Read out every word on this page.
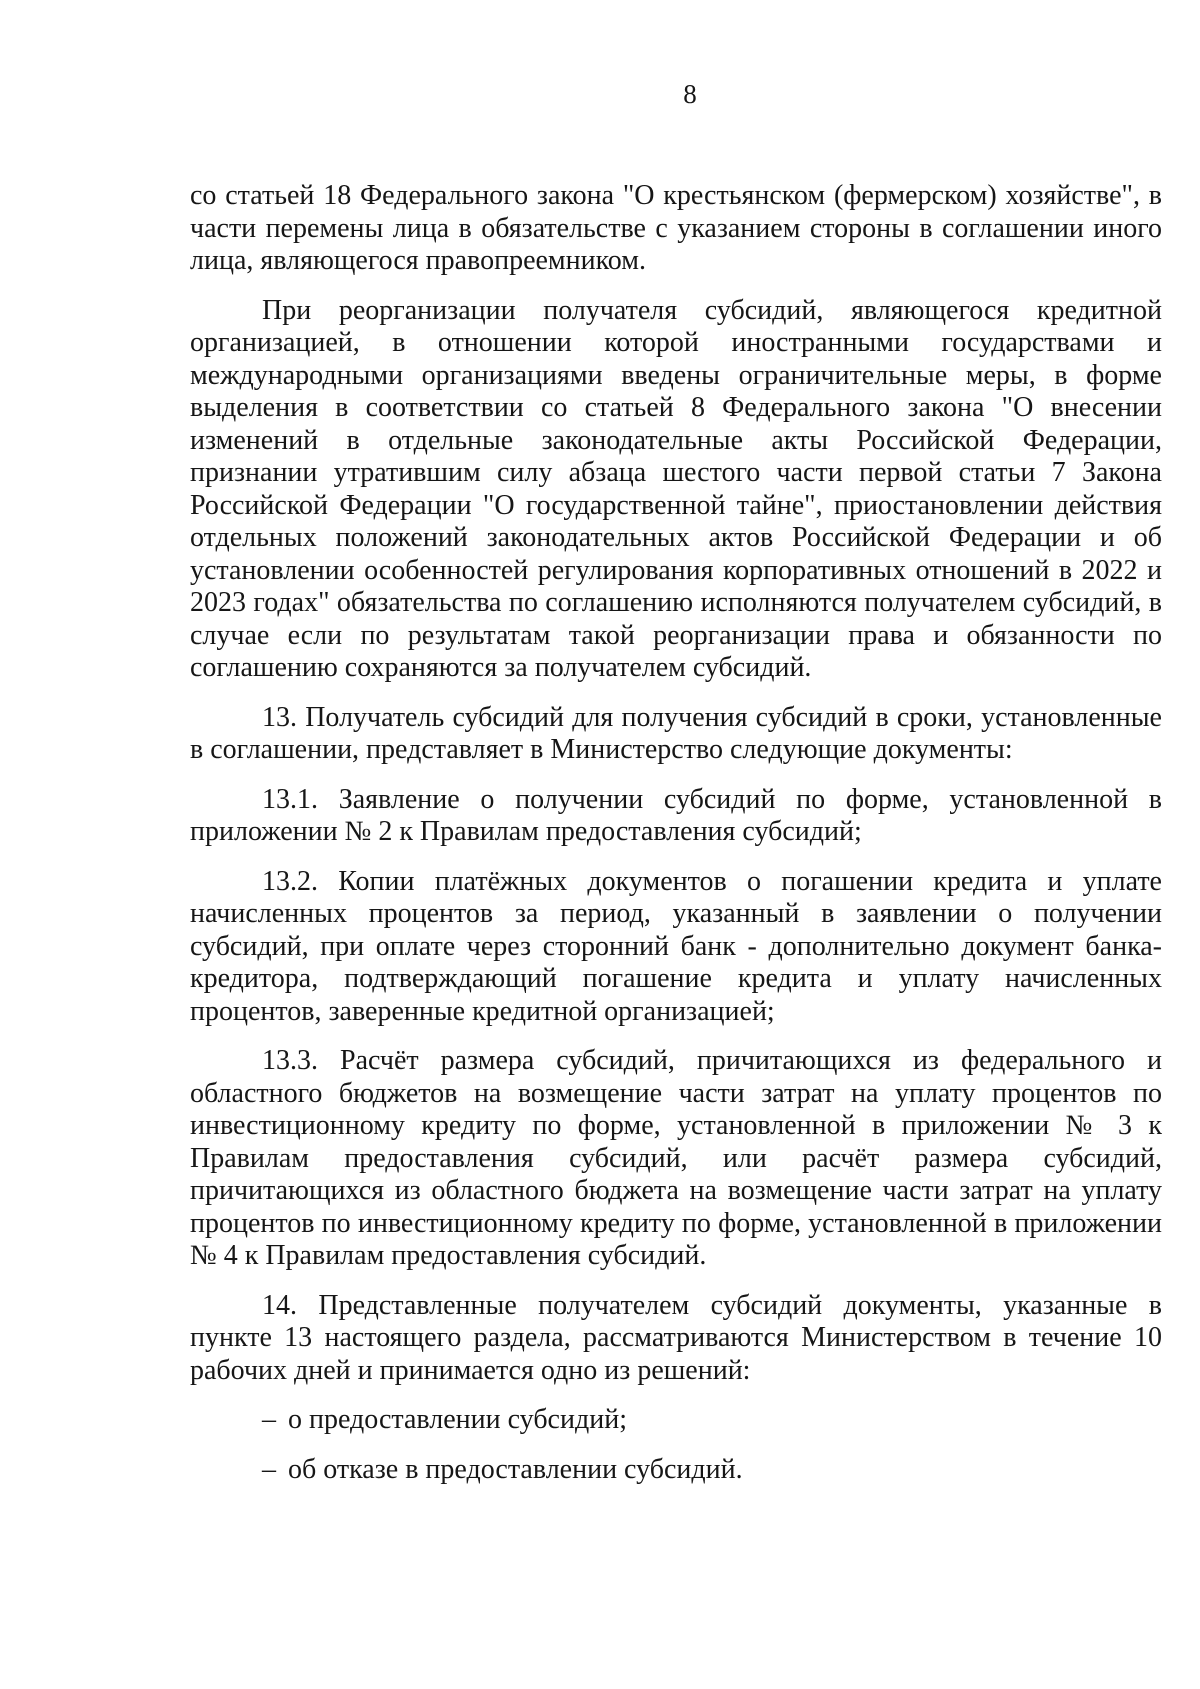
8

со статьей 18 Федерального закона "О крестьянском (фермерском) хозяйстве", в части перемены лица в обязательстве с указанием стороны в соглашении иного лица, являющегося правопреемником.

При реорганизации получателя субсидий, являющегося кредитной организацией, в отношении которой иностранными государствами и международными организациями введены ограничительные меры, в форме выделения в соответствии со статьей 8 Федерального закона "О внесении изменений в отдельные законодательные акты Российской Федерации, признании утратившим силу абзаца шестого части первой статьи 7 Закона Российской Федерации "О государственной тайне", приостановлении действия отдельных положений законодательных актов Российской Федерации и об установлении особенностей регулирования корпоративных отношений в 2022 и 2023 годах" обязательства по соглашению исполняются получателем субсидий, в случае если по результатам такой реорганизации права и обязанности по соглашению сохраняются за получателем субсидий.

13. Получатель субсидий для получения субсидий в сроки, установленные в соглашении, представляет в Министерство следующие документы:

13.1. Заявление о получении субсидий по форме, установленной в приложении № 2 к Правилам предоставления субсидий;

13.2. Копии платёжных документов о погашении кредита и уплате начисленных процентов за период, указанный в заявлении о получении субсидий, при оплате через сторонний банк - дополнительно документ банка-кредитора, подтверждающий погашение кредита и уплату начисленных процентов, заверенные кредитной организацией;

13.3. Расчёт размера субсидий, причитающихся из федерального и областного бюджетов на возмещение части затрат на уплату процентов по инвестиционному кредиту по форме, установленной в приложении № 3 к Правилам предоставления субсидий, или расчёт размера субсидий, причитающихся из областного бюджета на возмещение части затрат на уплату процентов по инвестиционному кредиту по форме, установленной в приложении № 4 к Правилам предоставления субсидий.

14. Представленные получателем субсидий документы, указанные в пункте 13 настоящего раздела, рассматриваются Министерством в течение 10 рабочих дней и принимается одно из решений:

– о предоставлении субсидий;
– об отказе в предоставлении субсидий.
